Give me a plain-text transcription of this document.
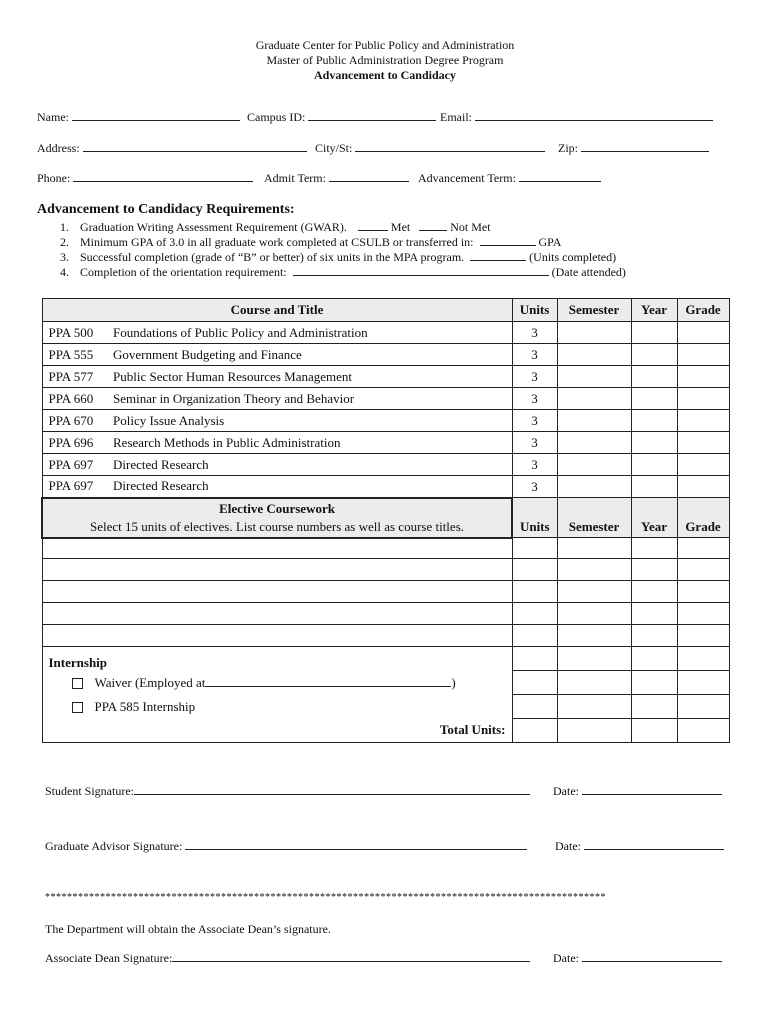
Graduate Center for Public Policy and Administration
Master of Public Administration Degree Program
Advancement to Candidacy
Name:	Campus ID:	Email:
Address:	City/St:	Zip:
Phone:	Admit Term:	Advancement Term:
Advancement to Candidacy Requirements:
1. Graduation Writing Assessment Requirement (GWAR).	Met	Not Met
2. Minimum GPA of 3.0 in all graduate work completed at CSULB or transferred in:	GPA
3. Successful completion (grade of “B” or better) of six units in the MPA program.	(Units completed)
4. Completion of the orientation requirement:	(Date attended)
Course and Title		Units	Semester	Year	Grade
PPA 500	Foundations of Public Policy and Administration	3			
PPA 555	Government Budgeting and Finance	3			
PPA 577	Public Sector Human Resources Management	3			
PPA 660	Seminar in Organization Theory and Behavior	3			
PPA 670	Policy Issue Analysis	3			
PPA 696	Research Methods in Public Administration	3			
PPA 697	Directed Research	3			
PPA 697	Directed Research	3			

Elective Coursework
Select 15 units of electives. List course numbers as well as course titles.		Units	Semester	Year	Grade

Internship					
Waiver (Employed at )					
PPA 585 Internship					
Total Units:					
Student Signature:	Date:
Graduate Advisor Signature:	Date:
******************************************************************************************************
The Department will obtain the Associate Dean’s signature.
Associate Dean Signature:	Date:
